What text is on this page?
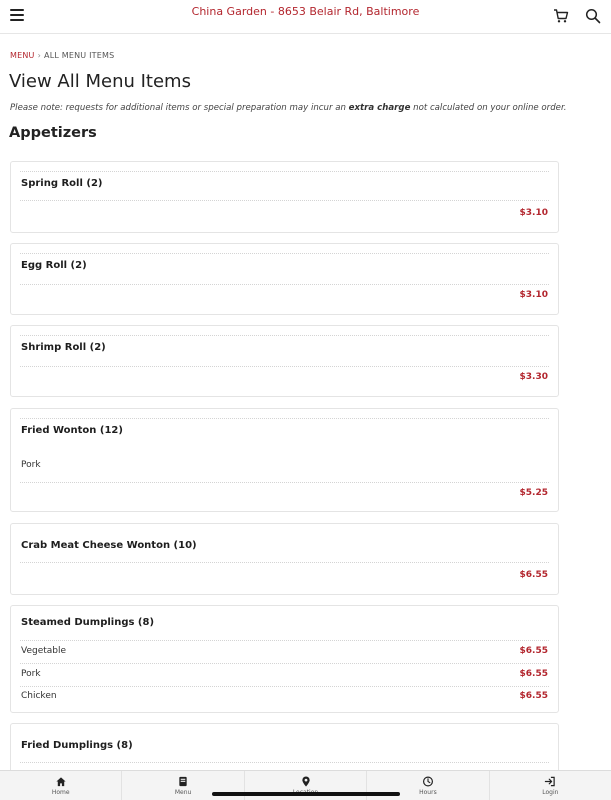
China Garden - 8653 Belair Rd, Baltimore
MENU › ALL MENU ITEMS
View All Menu Items
Please note: requests for additional items or special preparation may incur an extra charge not calculated on your online order.
Appetizers
Spring Roll (2)
$3.10
Egg Roll (2)
$3.10
Shrimp Roll (2)
$3.30
Fried Wonton (12)
Pork
$5.25
Crab Meat Cheese Wonton (10)
$6.55
Steamed Dumplings (8)
Vegetable	$6.55
Pork	$6.55
Chicken	$6.55
Fried Dumplings (8)
Home	Menu	Hours	Login
